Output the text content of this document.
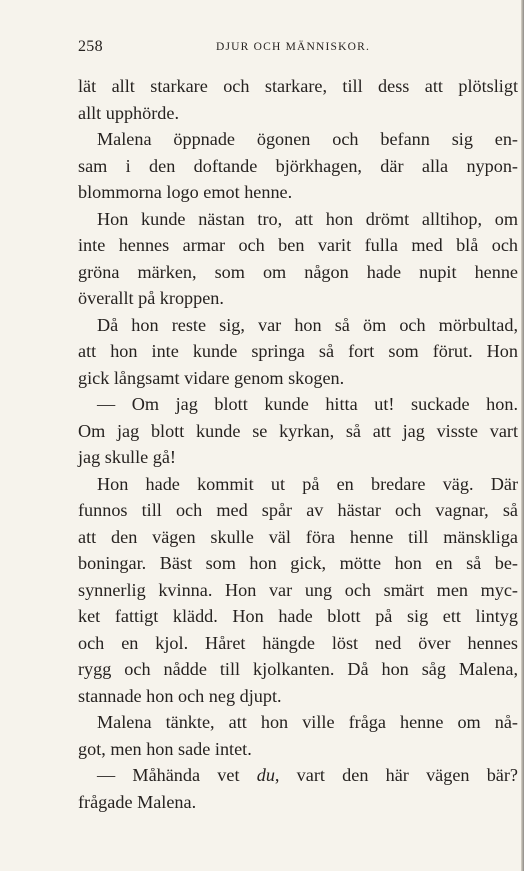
258	DJUR OCH MÄNNISKOR.
lät allt starkare och starkare, till dess att plötsligt
allt upphörde.
Malena öppnade ögonen och befann sig en-
sam i den doftande björkhagen, där alla nypon-
blommorna logo emot henne.
Hon kunde nästan tro, att hon drömt alltihop, om
inte hennes armar och ben varit fulla med blå och
gröna märken, som om någon hade nupit henne
överallt på kroppen.
Då hon reste sig, var hon så öm och mörbultad,
att hon inte kunde springa så fort som förut. Hon
gick långsamt vidare genom skogen.
— Om jag blott kunde hitta ut! suckade hon.
Om jag blott kunde se kyrkan, så att jag visste vart
jag skulle gå!
Hon hade kommit ut på en bredare väg. Där
funnos till och med spår av hästar och vagnar, så
att den vägen skulle väl föra henne till mänskliga
boningar. Bäst som hon gick, mötte hon en så be-
synnerlig kvinna. Hon var ung och smärt men myc-
ket fattigt klädd. Hon hade blott på sig ett lintyg
och en kjol. Håret hängde löst ned över hennes
rygg och nådde till kjolkanten. Då hon såg Malena,
stannade hon och neg djupt.
Malena tänkte, att hon ville fråga henne om nå-
got, men hon sade intet.
— Måhända vet du, vart den här vägen bär?
frågade Malena.
